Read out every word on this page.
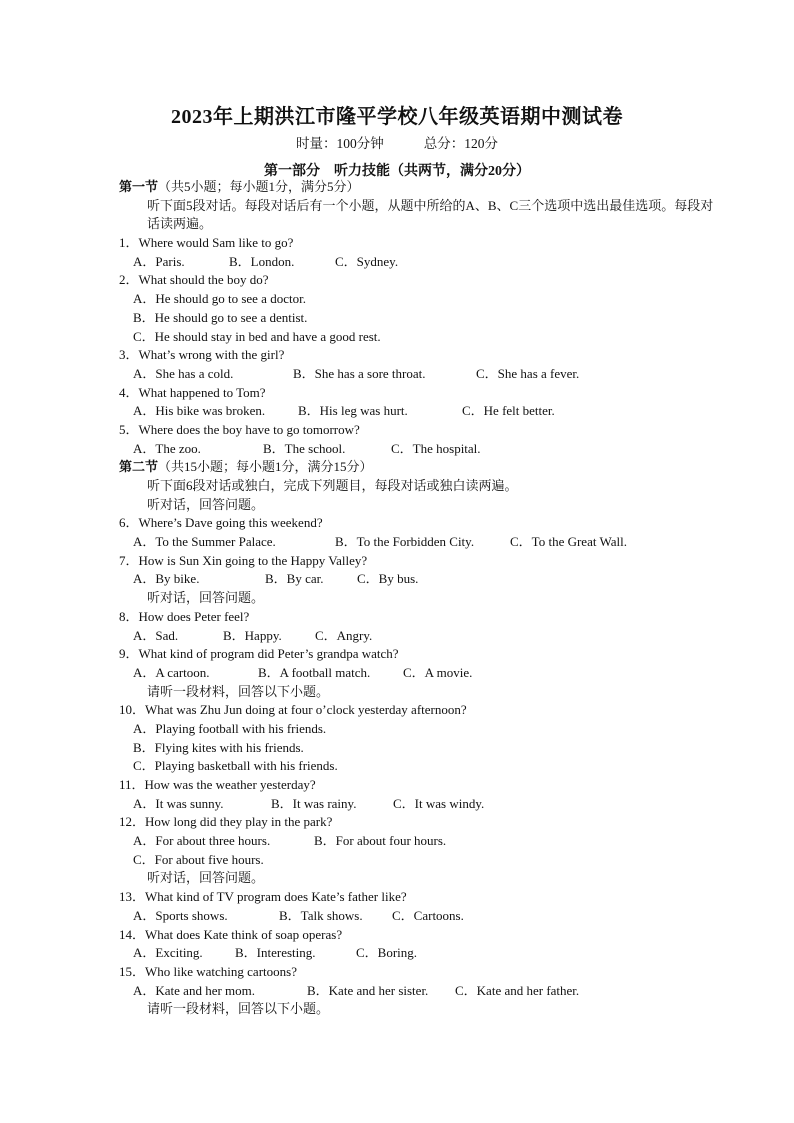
2023年上期洪江市隆平学校八年级英语期中测试卷
时量：100分钟	总分：120分
第一部分　听力技能（共两节，满分20分）
第一节（共5小题；每小题1分，满分5分）
听下面5段对话。每段对话后有一个小题，从题中所给的A、B、C三个选项中选出最佳选项。每段对话读两遍。
1．Where would Sam like to go?
A．Paris.	B．London.	C．Sydney.
2．What should the boy do?
A．He should go to see a doctor.
B．He should go to see a dentist.
C．He should stay in bed and have a good rest.
3．What’s wrong with the girl?
A．She has a cold.	B．She has a sore throat.	C．She has a fever.
4．What happened to Tom?
A．His bike was broken.	B．His leg was hurt.	C．He felt better.
5．Where does the boy have to go tomorrow?
A．The zoo.	B．The school.	C．The hospital.
第二节（共15小题；每小题1分，满分15分）
听下面6段对话或独白，完成下列题目，每段对话或独白读两遍。
听对话，回答问题。
6．Where’s Dave going this weekend?
A．To the Summer Palace.	B．To the Forbidden City.	C．To the Great Wall.
7．How is Sun Xin going to the Happy Valley?
A．By bike.	B．By car.	C．By bus.
听对话，回答问题。
8．How does Peter feel?
A．Sad.	B．Happy.	C．Angry.
9．What kind of program did Peter’s grandpa watch?
A．A cartoon.	B．A football match.	C．A movie.
请听一段材料，回答以下小题。
10．What was Zhu Jun doing at four o’clock yesterday afternoon?
A．Playing football with his friends.
B．Flying kites with his friends.
C．Playing basketball with his friends.
11．How was the weather yesterday?
A．It was sunny.	B．It was rainy.	C．It was windy.
12．How long did they play in the park?
A．For about three hours.	B．For about four hours.
C．For about five hours.
听对话，回答问题。
13．What kind of TV program does Kate’s father like?
A．Sports shows.	B．Talk shows. C．Cartoons.
14．What does Kate think of soap operas?
A．Exciting. B．Interesting.	C．Boring.
15．Who like watching cartoons?
A．Kate and her mom.	B．Kate and her sister. C．Kate and her father.
请听一段材料，回答以下小题。
